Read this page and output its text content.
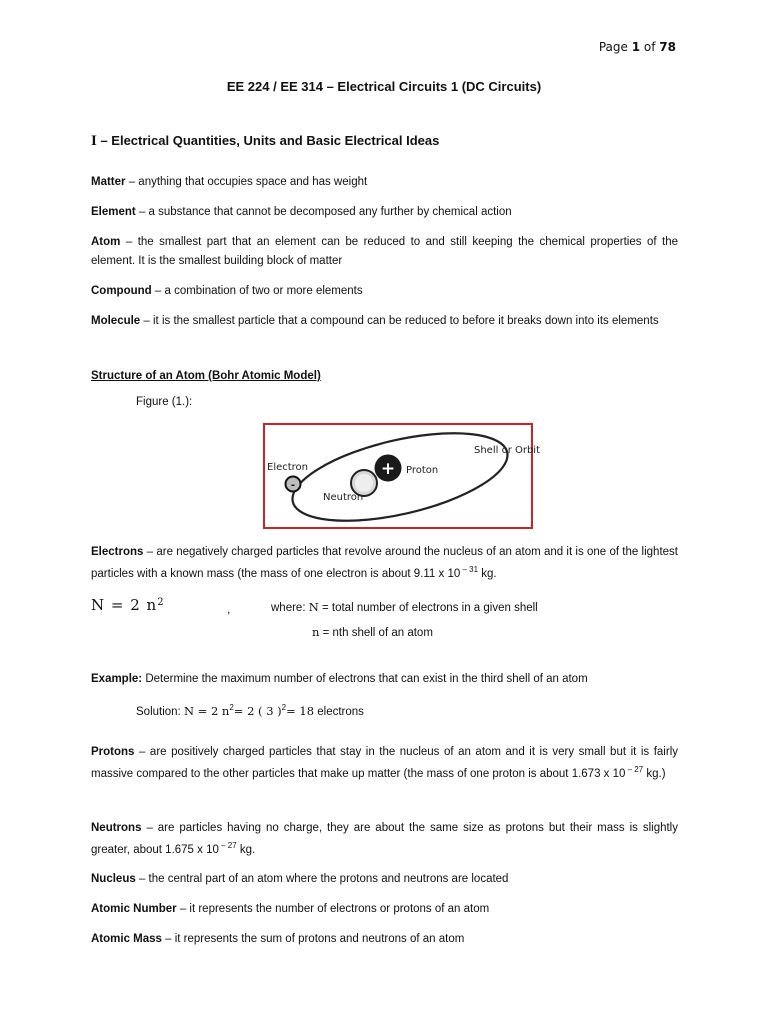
Page 1 of 78
EE 224 / EE 314 – Electrical Circuits 1 (DC Circuits)
I – Electrical Quantities, Units and Basic Electrical Ideas
Matter – anything that occupies space and has weight
Element – a substance that cannot be decomposed any further by chemical action
Atom – the smallest part that an element can be reduced to and still keeping the chemical properties of the element. It is the smallest building block of matter
Compound – a combination of two or more elements
Molecule – it is the smallest particle that a compound can be reduced to before it breaks down into its elements
Structure of an Atom (Bohr Atomic Model)
Figure (1.):
+
-
Electron
Neutron
Proton
Shell or Orbit
Electrons – are negatively charged particles that revolve around the nucleus of an atom and it is one of the lightest particles with a known mass (the mass of one electron is about 9.11 x 10 $^{- 31}$ kg.
N = 2 $n^2$	,	where: N = total number of electrons in a given shell
n = nth shell of an atom
Example: Determine the maximum number of electrons that can exist in the third shell of an atom
Solution: N = 2 $n^2= 2$ ( 3 )$^2$= 18 electrons
Protons – are positively charged particles that stay in the nucleus of an atom and it is very small but it is fairly massive compared to the other particles that make up matter (the mass of one proton is about 1.673 x 10 $^{- 27}$ kg.)
Neutrons – are particles having no charge, they are about the same size as protons but their mass is slightly greater, about 1.675 x 10 $^{- 27}$ kg.
Nucleus – the central part of an atom where the protons and neutrons are located
Atomic Number – it represents the number of electrons or protons of an atom
Atomic Mass – it represents the sum of protons and neutrons of an atom
